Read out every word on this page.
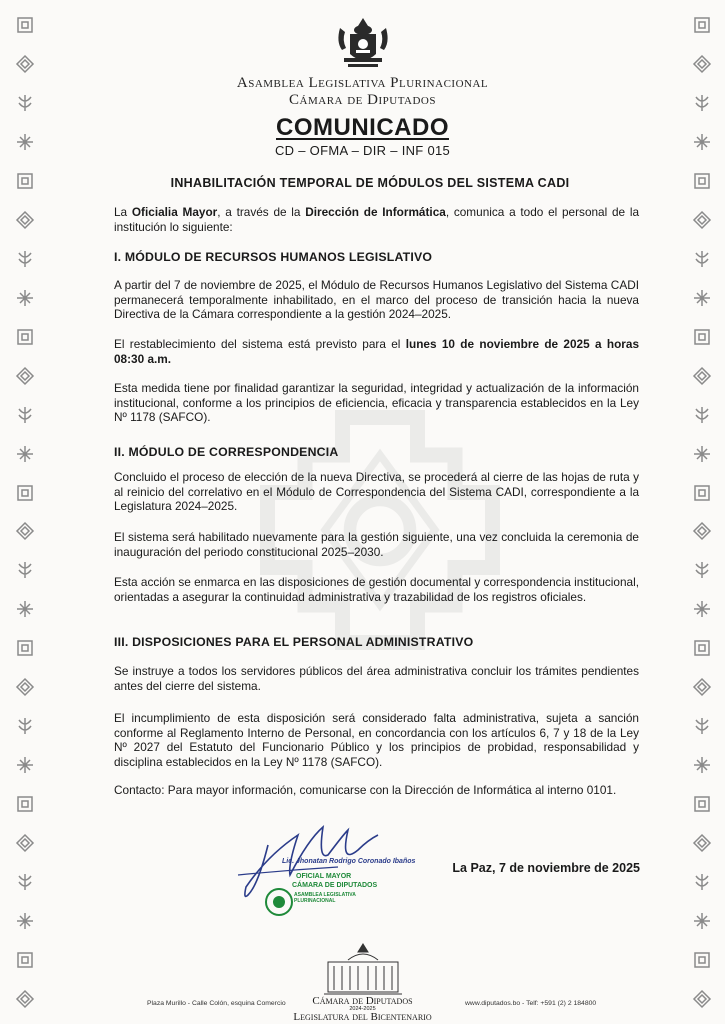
Asamblea Legislativa Plurinacional
Cámara de Diputados
COMUNICADO
CD – OFMA – DIR – INF 015
INHABILITACIÓN TEMPORAL DE MÓDULOS DEL SISTEMA CADI
La Oficialia Mayor, a través de la Dirección de Informática, comunica a todo el personal de la institución lo siguiente:
I. MÓDULO DE RECURSOS HUMANOS LEGISLATIVO
A partir del 7 de noviembre de 2025, el Módulo de Recursos Humanos Legislativo del Sistema CADI permanecerá temporalmente inhabilitado, en el marco del proceso de transición hacia la nueva Directiva de la Cámara correspondiente a la gestión 2024–2025.
El restablecimiento del sistema está previsto para el lunes 10 de noviembre de 2025 a horas 08:30 a.m.
Esta medida tiene por finalidad garantizar la seguridad, integridad y actualización de la información institucional, conforme a los principios de eficiencia, eficacia y transparencia establecidos en la Ley Nº 1178 (SAFCO).
II. MÓDULO DE CORRESPONDENCIA
Concluido el proceso de elección de la nueva Directiva, se procederá al cierre de las hojas de ruta y al reinicio del correlativo en el Módulo de Correspondencia del Sistema CADI, correspondiente a la Legislatura 2024–2025.
El sistema será habilitado nuevamente para la gestión siguiente, una vez concluida la ceremonia de inauguración del periodo constitucional 2025–2030.
Esta acción se enmarca en las disposiciones de gestión documental y correspondencia institucional, orientadas a asegurar la continuidad administrativa y trazabilidad de los registros oficiales.
III. DISPOSICIONES PARA EL PERSONAL ADMINISTRATIVO
Se instruye a todos los servidores públicos del área administrativa concluir los trámites pendientes antes del cierre del sistema.
El incumplimiento de esta disposición será considerado falta administrativa, sujeta a sanción conforme al Reglamento Interno de Personal, en concordancia con los artículos 6, 7 y 18 de la Ley Nº 2027 del Estatuto del Funcionario Público y los principios de probidad, responsabilidad y disciplina establecidos en la Ley Nº 1178 (SAFCO).
Contacto: Para mayor información, comunicarse con la Dirección de Informática al interno 0101.
Lic. Jhonatan Rodrigo Coronado Ibaños
OFICIAL MAYOR
CÁMARA DE DIPUTADOS
ASAMBLEA LEGISLATIVA PLURINACIONAL
La Paz, 7 de noviembre de 2025
Plaza Murillo - Calle Colón, esquina Comercio	www.diputados.bo - Telf: +591 (2) 2 184800
Cámara de Diputados
2024-2025
Legislatura del Bicentenario
